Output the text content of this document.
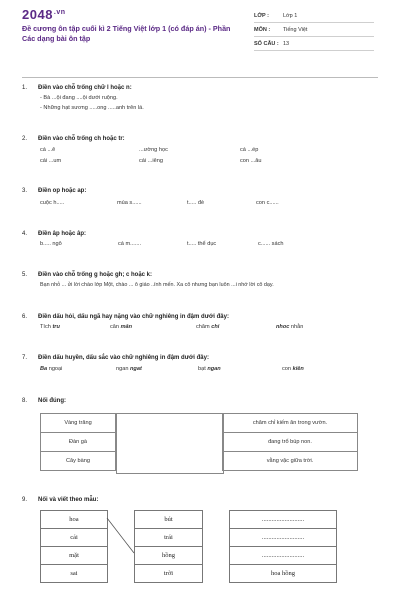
$2048^{.vn}$
Đề cương ôn tập cuối kì 2 Tiếng Việt lớp 1 (có đáp án) - Phần Các dạng bài ôn tập
LỚP :	Lớp 1
MÔN :	Tiếng Việt
SỐ CÂU : 13
1.	Điền vào chỗ trống chữ l hoặc n:
- Bà ...ội đang ....ội dưới ruộng.
- Những hạt sương .....ong .....anh trên lá.
2.	Điền vào chỗ trống ch hoặc tr:
cá ...ê	...ường học	cá ...ép
cái ...um	cái ...iêng	con ...âu
3.	Điền op hoặc ap:
cuộc h.....	múa s......	t..... đè	con c......
4.	Điền âp hoặc âp:
b..... ngô	cá m.......	t..... thể dục	c...... sách
5.	Điền vào chỗ trống g hoặc gh; c hoặc k:
Bạn nhỏ ... ửi lời chào lớp Một, chào ... ô giáo ..ính mến. Xa cô nhưng bạn luôn ...i nhớ lời cô dạy.
6.	Điền dấu hỏi, dấu ngã hay nặng vào chữ nghiêng in đậm dưới đây:
Tích tru	cân mân	chăm chi	nhoc nhằn
7.	Điền dấu huyền, dấu sắc vào chữ nghiêng in đậm dưới đây:
Ba ngoại	ngan ngat	bạt ngan	con kiên
8.	Nối đúng:
Vàng trăng
Đàn gà
Cây bàng
chăm chỉ kiếm ăn trong vườn.
đang trổ búp non.
vằng vặc giữa trời.
9.	Nối và viết theo mẫu:
hoa		bút		..........................
cải		trái		..........................
mặt		hồng		..........................
sai		trời		hoa hồng
